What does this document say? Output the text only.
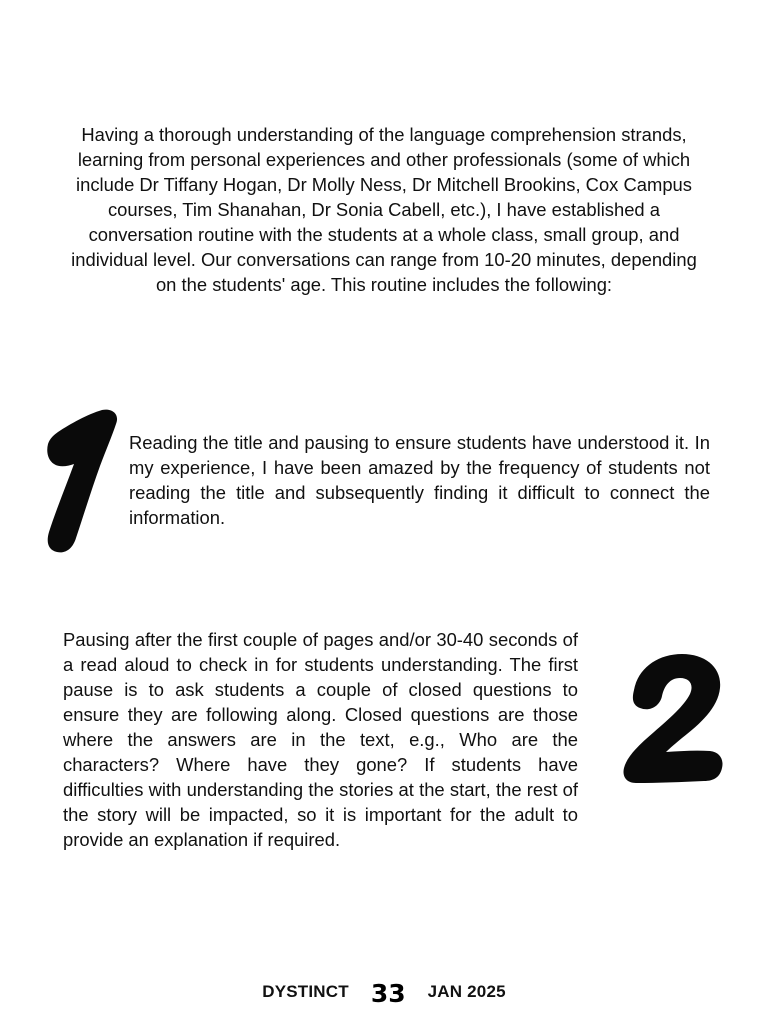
Having a thorough understanding of the language comprehension strands, learning from personal experiences and other professionals (some of which include Dr Tiffany Hogan, Dr Molly Ness, Dr Mitchell Brookins, Cox Campus courses, Tim Shanahan, Dr Sonia Cabell, etc.), I have established a conversation routine with the students at a whole class, small group, and individual level. Our conversations can range from 10-20 minutes, depending on the students' age. This routine includes the following:

Reading the title and pausing to ensure students have understood it. In my experience, I have been amazed by the frequency of students not reading the title and subsequently finding it difficult to connect the information.

Pausing after the first couple of pages and/or 30-40 seconds of a read aloud to check in for students understanding. The first pause is to ask students a couple of closed questions to ensure they are following along. Closed questions are those where the answers are in the text, e.g., Who are the characters? Where have they gone? If students have difficulties with understanding the stories at the start, the rest of the story will be impacted, so it is important for the adult to provide an explanation if required.

DYSTINCT 33 JAN 2025
